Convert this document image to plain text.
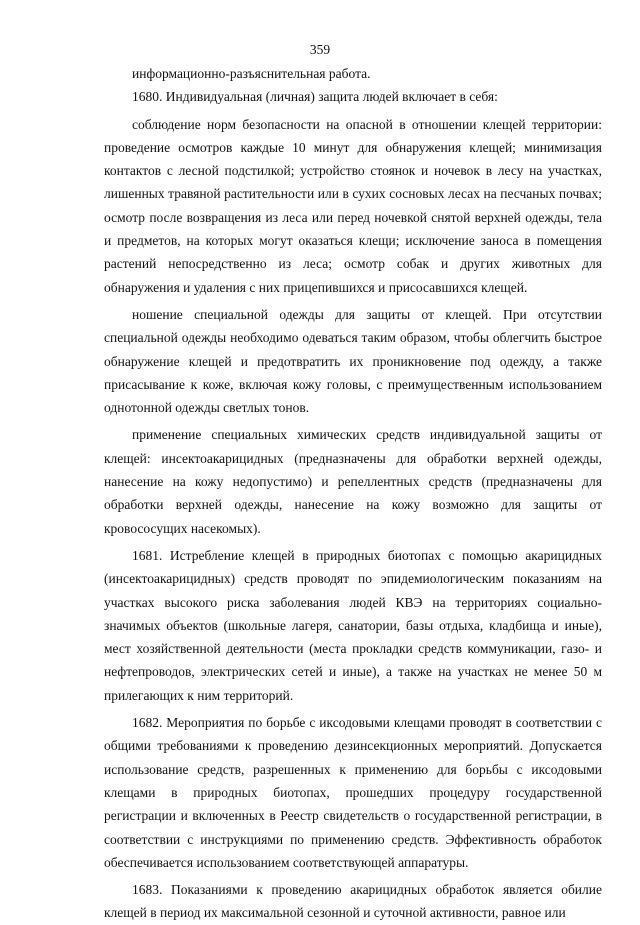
359

информационно-разъяснительная работа.

1680. Индивидуальная (личная) защита людей включает в себя:

соблюдение норм безопасности на опасной в отношении клещей территории: проведение осмотров каждые 10 минут для обнаружения клещей; минимизация контактов с лесной подстилкой; устройство стоянок и ночевок в лесу на участках, лишенных травяной растительности или в сухих сосновых лесах на песчаных почвах; осмотр после возвращения из леса или перед ночевкой снятой верхней одежды, тела и предметов, на которых могут оказаться клещи; исключение заноса в помещения растений непосредственно из леса; осмотр собак и других животных для обнаружения и удаления с них прицепившихся и присосавшихся клещей.

ношение специальной одежды для защиты от клещей. При отсутствии специальной одежды необходимо одеваться таким образом, чтобы облегчить быстрое обнаружение клещей и предотвратить их проникновение под одежду, а также присасывание к коже, включая кожу головы, с преимущественным использованием однотонной одежды светлых тонов.

применение специальных химических средств индивидуальной защиты от клещей: инсектоакарицидных (предназначены для обработки верхней одежды, нанесение на кожу недопустимо) и репеллентных средств (предназначены для обработки верхней одежды, нанесение на кожу возможно для защиты от кровососущих насекомых).

1681. Истребление клещей в природных биотопах с помощью акарицидных (инсектоакарицидных) средств проводят по эпидемиологическим показаниям на участках высокого риска заболевания людей КВЭ на территориях социально-значимых объектов (школьные лагеря, санатории, базы отдыха, кладбища и иные), мест хозяйственной деятельности (места прокладки средств коммуникации, газо- и нефтепроводов, электрических сетей и иные), а также на участках не менее 50 м прилегающих к ним территорий.

1682. Мероприятия по борьбе с иксодовыми клещами проводят в соответствии с общими требованиями к проведению дезинсекционных мероприятий. Допускается использование средств, разрешенных к применению для борьбы с иксодовыми клещами в природных биотопах, прошедших процедуру государственной регистрации и включенных в Реестр свидетельств о государственной регистрации, в соответствии с инструкциями по применению средств. Эффективность обработок обеспечивается использованием соответствующей аппаратуры.

1683. Показаниями к проведению акарицидных обработок является обилие клещей в период их максимальной сезонной и суточной активности, равное или
